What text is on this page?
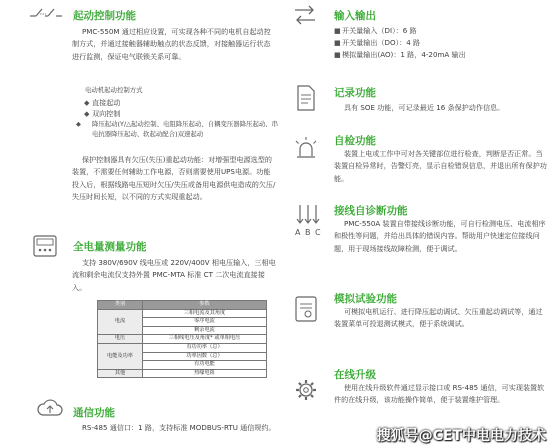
起动控制功能

PMC-550M 通过相应设置，可实现各种不同的电机自起动控制方式，并通过接触器辅助触点的状态反馈，对接触器运行状态进行监测，保证电气联锁关系可靠。

电动机起动控制方式
◆ 直接起动
◆ 双向控制
◆ 降压起动(Y/△起动控制、电阻降压起动、自耦变压器降压起动、串电抗器降压起动、软起动配合)双速起动

保护控制器具有欠压(失压)重起动功能：对增强型电源选型的装置，不需要任何辅助工作电源，否则需要使用UPS电源。功能投入后，根据线路电压短时欠压/失压或备用电源供电造成的欠压/失压时间长短，以不同的方式实现重起动。

全电量测量功能

支持 380V/690V 线电压或 220V/400V 相电压输入，三相电流和剩余电流仅支持外置 PMC-MTA 标准 CT 二次电流直接接入。

类别	参数
电流	三相电流及其角度
	零序电流
	剩余电流
电压	三相线电压及角度* 或单相电压
电能及功率	有功功率（总）
	功率因数（总）
	有功电能
其他	热缘电阻
通信功能

RS-485 通信口：1 路，支持标准 MODBUS-RTU 通信规约。

输入输出
■开关量输入（DI）：6 路
■开关量输出（DO）：4 路
■模拟量输出(AO)：1 路，4-20mA 输出
记录功能

具有 SOE 功能，可记录最近 16 条保护动作信息。

自检功能

装置上电或工作中可对各关键部位进行检查，判断是否正常。当装置自检异常时，告警灯亮，显示自检错误信息，并退出所有保护功能。

A B C
接线自诊断功能

PMC-550A 装置自带接线诊断功能，可自行检测电压、电流相序和极性等问题，并给出具体的错误内容。帮助用户快速定位接线问题，用于现场接线故障检测，便于调试。

模拟试验功能

可模拟电机运行、进行降压起动调试、欠压重起动调试等，通过装置菜单可投退测试模式，便于系统调试。

在线升级

使用在线升级软件通过显示接口或 RS-485 通信，可实现装置软件的在线升级，该功能操作简单，便于装置维护管理。

搜狐号@CET中电电力技术
